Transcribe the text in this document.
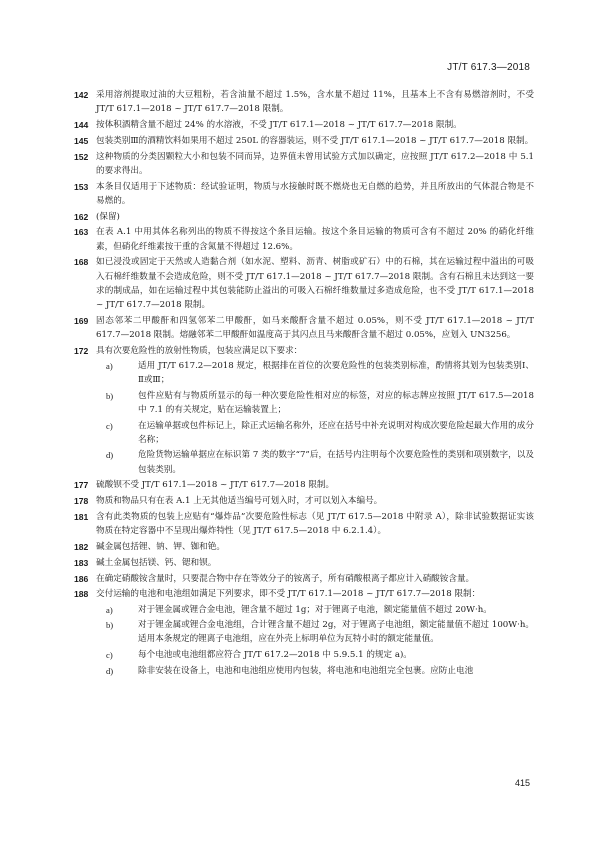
JT/T 617.3—2018
142 采用溶剂提取过油的大豆粗粉，若含油量不超过 1.5%，含水量不超过 11%，且基本上不含有易燃溶剂时，不受 JT/T 617.1—2018 ~ JT/T 617.7—2018 限制。
144 按体积酒精含量不超过 24% 的水溶液，不受 JT/T 617.1—2018 ~ JT/T 617.7—2018 限制。
145 包装类别Ⅲ的酒精饮料如果用不超过 250L 的容器装运，则不受 JT/T 617.1—2018 ~ JT/T 617.7—2018 限制。
152 这种物质的分类因颗粒大小和包装不同而异，边界值未曾用试验方式加以确定，应按照 JT/T 617.2—2018 中 5.1 的要求得出。
153 本条目仅适用于下述物质：经试验证明，物质与水接触时既不燃烧也无自燃的趋势，并且所放出的气体混合物是不易燃的。
162 (保留)
163 在表 A.1 中用其体名称列出的物质不得按这个条目运输。按这个条目运输的物质可含有不超过 20% 的硝化纤维素，但硝化纤维素按干重的含氮量不得超过 12.6%。
168 如已浸没或固定于天然或人造黏合剂（如水泥、塑料、沥青、树脂或矿石）中的石棉，其在运输过程中溢出的可吸入石棉纤维数量不会造成危险，则不受 JT/T 617.1—2018 ~ JT/T 617.7—2018 限制。含有石棉且未达到这一要求的制成品，如在运输过程中其包装能防止溢出的可吸入石棉纤维数量过多造成危险，也不受 JT/T 617.1—2018 ~ JT/T 617.7—2018 限制。
169 固态邻苯二甲酸酐和四氢邻苯二甲酸酐，如马来酸酐含量不超过 0.05%，则不受 JT/T 617.1—2018 ~ JT/T 617.7—2018 限制。熔融邻苯二甲酸酐如温度高于其闪点且马来酸酐含量不超过 0.05%，应划入 UN3256。
172 具有次要危险性的放射性物质，包装应满足以下要求：
a)	适用 JT/T 617.2—2018 规定，根据排在首位的次要危险性的包装类别标准，酌情将其划为包装类别Ⅰ、Ⅱ或Ⅲ；
b)	包件应贴有与物质所显示的每一种次要危险性相对应的标签，对应的标志牌应按照 JT/T 617.5—2018 中 7.1 的有关规定，贴在运输装置上；
c)	在运输单据或包件标记上，除正式运输名称外，还应在括号中补充说明对构成次要危险起最大作用的成分名称；
d)	危险货物运输单据应在标识第 7 类的数字“7”后，在括号内注明每个次要危险性的类别和项别数字，以及包装类别。
177 硫酸钡不受 JT/T 617.1—2018 ~ JT/T 617.7—2018 限制。
178 物质和物品只有在表 A.1 上无其他适当编号可划入时，才可以划入本编号。
181 含有此类物质的包装上应贴有“爆炸品”次要危险性标志（见 JT/T 617.5—2018 中附录 A），除非试验数据证实该物质在特定容器中不呈现出爆炸特性（见 JT/T 617.5—2018 中 6.2.1.4）。
182 碱金属包括锂、钠、钾、铷和铯。
183 碱土金属包括镁、钙、锶和钡。
186 在确定硝酸铵含量时，只要混合物中存在等效分子的铵离子，所有硝酸根离子都应计入硝酸铵含量。
188 交付运输的电池和电池组如满足下列要求，即不受 JT/T 617.1—2018 ~ JT/T 617.7—2018 限制：
a)	对于锂金属或锂合金电池，锂含量不超过 1g；对于锂离子电池，额定能量值不超过 20W·h。
b)	对于锂金属或锂合金电池组，合计锂含量不超过 2g，对于锂离子电池组，额定能量值不超过 100W·h。适用本条规定的锂离子电池组，应在外壳上标明单位为瓦特小时的额定能量值。
c)	每个电池或电池组都应符合 JT/T 617.2—2018 中 5.9.5.1 的规定 a)。
d)	除非安装在设备上，电池和电池组应使用内包装，将电池和电池组完全包裹。应防止电池
415
